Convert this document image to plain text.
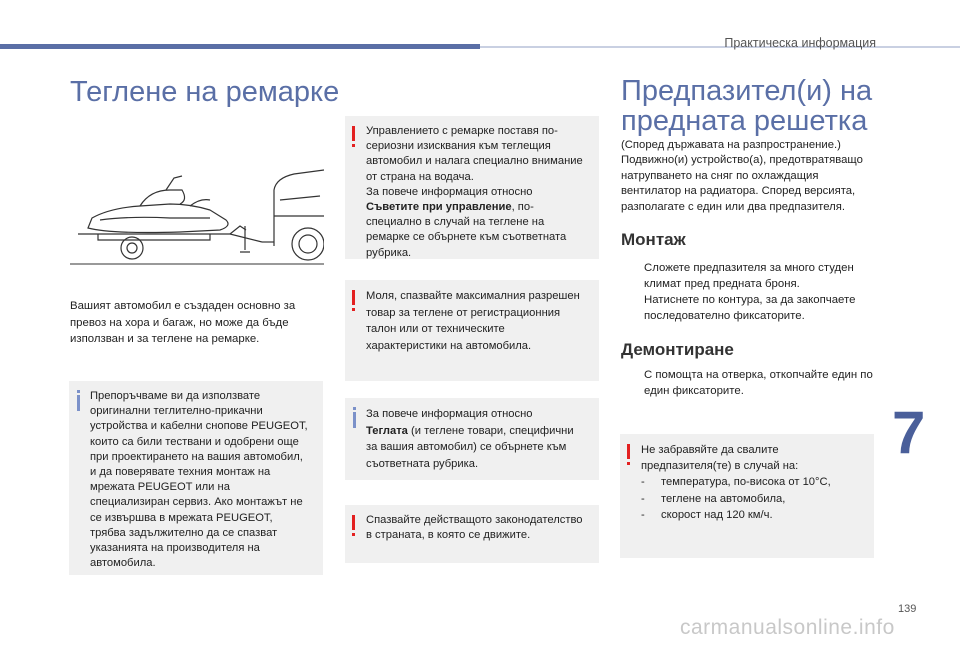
Практическа информация
7
139
carmanualsonline.info
Теглене на ремарке

Вашият автомобил е създаден основно за превоз на хора и багаж, но може да бъде използван и за теглене на ремарке.

Препоръчваме ви да използвате оригинални теглително-прикачни устройства и кабелни снопове PEUGEOT, които са били тествани и одобрени още при проектирането на вашия автомобил, и да поверявате техния монтаж на мрежата PEUGEOT или на специализиран сервиз. Ако монтажът не се извършва в мрежата PEUGEOT, трябва задължително да се спазват указанията на производителя на автомобила.

Управлението с ремарке поставя по-сериозни изисквания към теглещия автомобил и налага специално внимание от страна на водача.
За повече информация относно Съветите при управление, по-специално в случай на теглене на ремарке се обърнете към съответната рубрика.

Моля, спазвайте максималния разрешен товар за теглене от регистрационния талон или от техническите характеристики на автомобила.

За повече информация относно
Теглата (и теглене товари, специфични за вашия автомобил) се обърнете към съответната рубрика.

Спазвайте действащото законодателство в страната, в която се движите.

Предпазител(и) на
предната решетка

(Според държавата на разпространение.) Подвижно(и) устройство(а), предотвратяващо натрупването на сняг по охлаждащия вентилатор на радиатора. Според версията, разполагате с един или два предпазителя.

Монтаж
Сложете предпазителя за много студен климат пред предната броня.
Натиснете по контура, за да закопчаете последователно фиксаторите.
Демонтиране
С помощта на отверка, откопчайте един по един фиксаторите.

Не забравяйте да свалите предпазителя(те) в случай на:

-	температура, по-висока от 10°С,
-	теглене на автомобила,
-	скорост над 120 км/ч.
